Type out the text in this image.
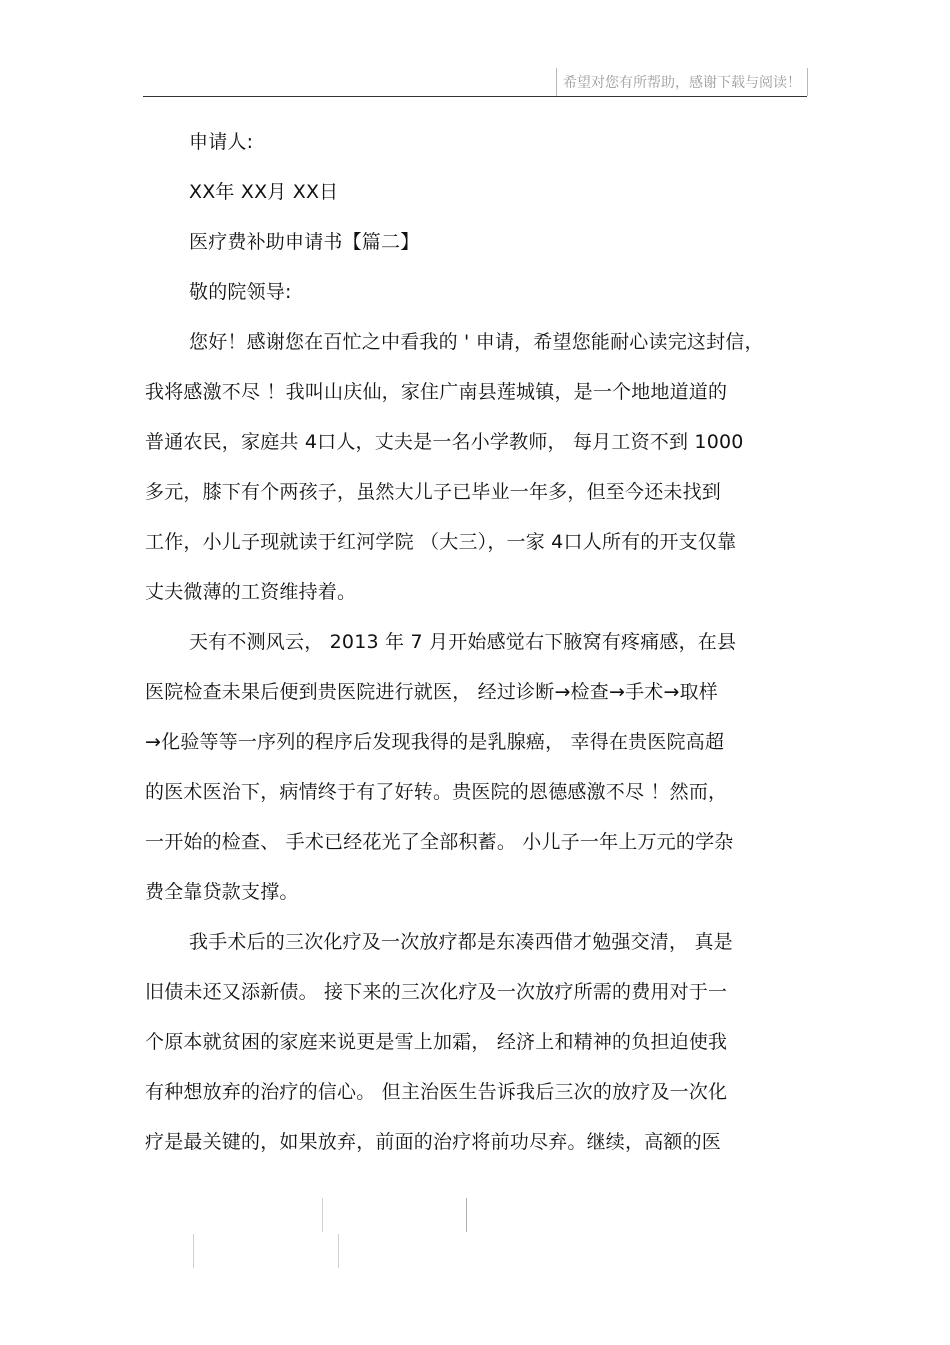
希望对您有所帮助，感谢下载与阅读！
申请人:
XX年 XX月 XX日
医疗费补助申请书【篇二】
敬的院领导:
您好！感谢您在百忙之中看我的 ' 申请，希望您能耐心读完这封信，
我将感激不尽 ！我叫山庆仙，家住广南县莲城镇，是一个地地道道的
普通农民，家庭共 4口人，丈夫是一名小学教师， 每月工资不到 1000
多元，膝下有个两孩子，虽然大儿子已毕业一年多，但至今还未找到
工作，小儿子现就读于红河学院 （大三），一家 4口人所有的开支仅靠
丈夫微薄的工资维持着。
天有不测风云， 2013 年 7 月开始感觉右下腋窝有疼痛感，在县
医院检查未果后便到贵医院进行就医， 经过诊断→检查→手术→取样
→化验等等一序列的程序后发现我得的是乳腺癌， 幸得在贵医院高超
的医术医治下，病情终于有了好转。贵医院的恩德感激不尽 ！然而，
一开始的检查、 手术已经花光了全部积蓄。 小儿子一年上万元的学杂
费全靠贷款支撑。
我手术后的三次化疗及一次放疗都是东凑西借才勉强交清， 真是
旧债未还又添新债。 接下来的三次化疗及一次放疗所需的费用对于一
个原本就贫困的家庭来说更是雪上加霜， 经济上和精神的负担迫使我
有种想放弃的治疗的信心。 但主治医生告诉我后三次的放疗及一次化
疗是最关键的，如果放弃，前面的治疗将前功尽弃。继续，高额的医
